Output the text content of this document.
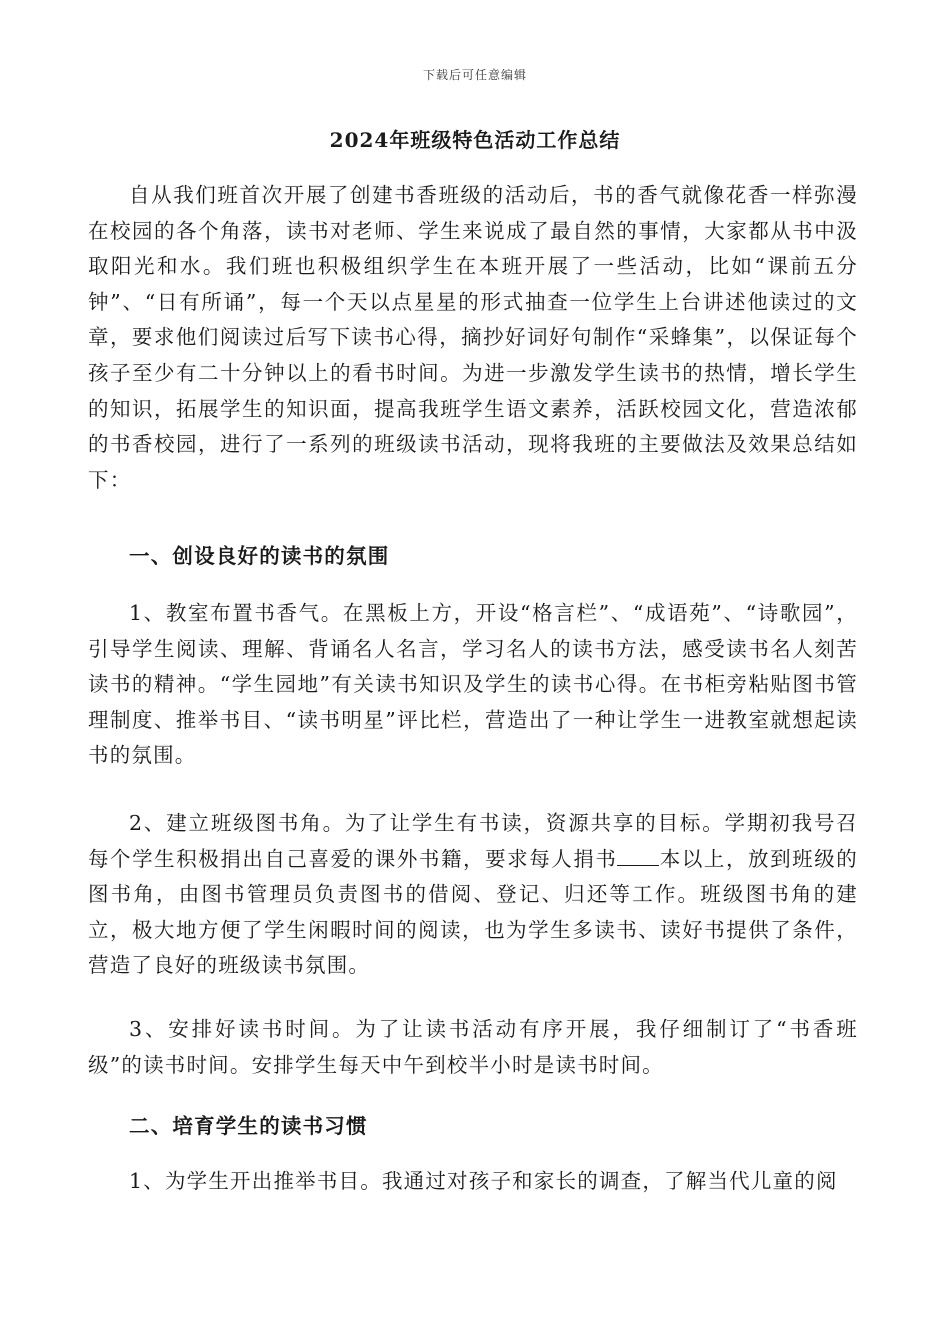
下载后可任意编辑
2024年班级特色活动工作总结

自从我们班首次开展了创建书香班级的活动后，书的香气就像花香一样弥漫在校园的各个角落，读书对老师、学生来说成了最自然的事情，大家都从书中汲取阳光和水。我们班也积极组织学生在本班开展了一些活动，比如“课前五分钟”、“日有所诵”，每一个天以点星星的形式抽查一位学生上台讲述他读过的文章，要求他们阅读过后写下读书心得，摘抄好词好句制作“采蜂集”，以保证每个孩子至少有二十分钟以上的看书时间。为进一步激发学生读书的热情，增长学生的知识，拓展学生的知识面，提高我班学生语文素养，活跃校园文化，营造浓郁的书香校园，进行了一系列的班级读书活动，现将我班的主要做法及效果总结如下：

一、创设良好的读书的氛围

1、教室布置书香气。在黑板上方，开设“格言栏”、“成语苑”、“诗歌园”，引导学生阅读、理解、背诵名人名言，学习名人的读书方法，感受读书名人刻苦读书的精神。“学生园地”有关读书知识及学生的读书心得。在书柜旁粘贴图书管理制度、推举书目、“读书明星”评比栏，营造出了一种让学生一进教室就想起读书的氛围。

2、建立班级图书角。为了让学生有书读，资源共享的目标。学期初我号召每个学生积极捐出自己喜爱的课外书籍，要求每人捐书 本以上，放到班级的图书角，由图书管理员负责图书的借阅、登记、归还等工作。班级图书角的建立，极大地方便了学生闲暇时间的阅读，也为学生多读书、读好书提供了条件，营造了良好的班级读书氛围。

3、安排好读书时间。为了让读书活动有序开展，我仔细制订了“书香班级”的读书时间。安排学生每天中午到校半小时是读书时间。

二、培育学生的读书习惯

1、为学生开出推举书目。我通过对孩子和家长的调查，了解当代儿童的阅
